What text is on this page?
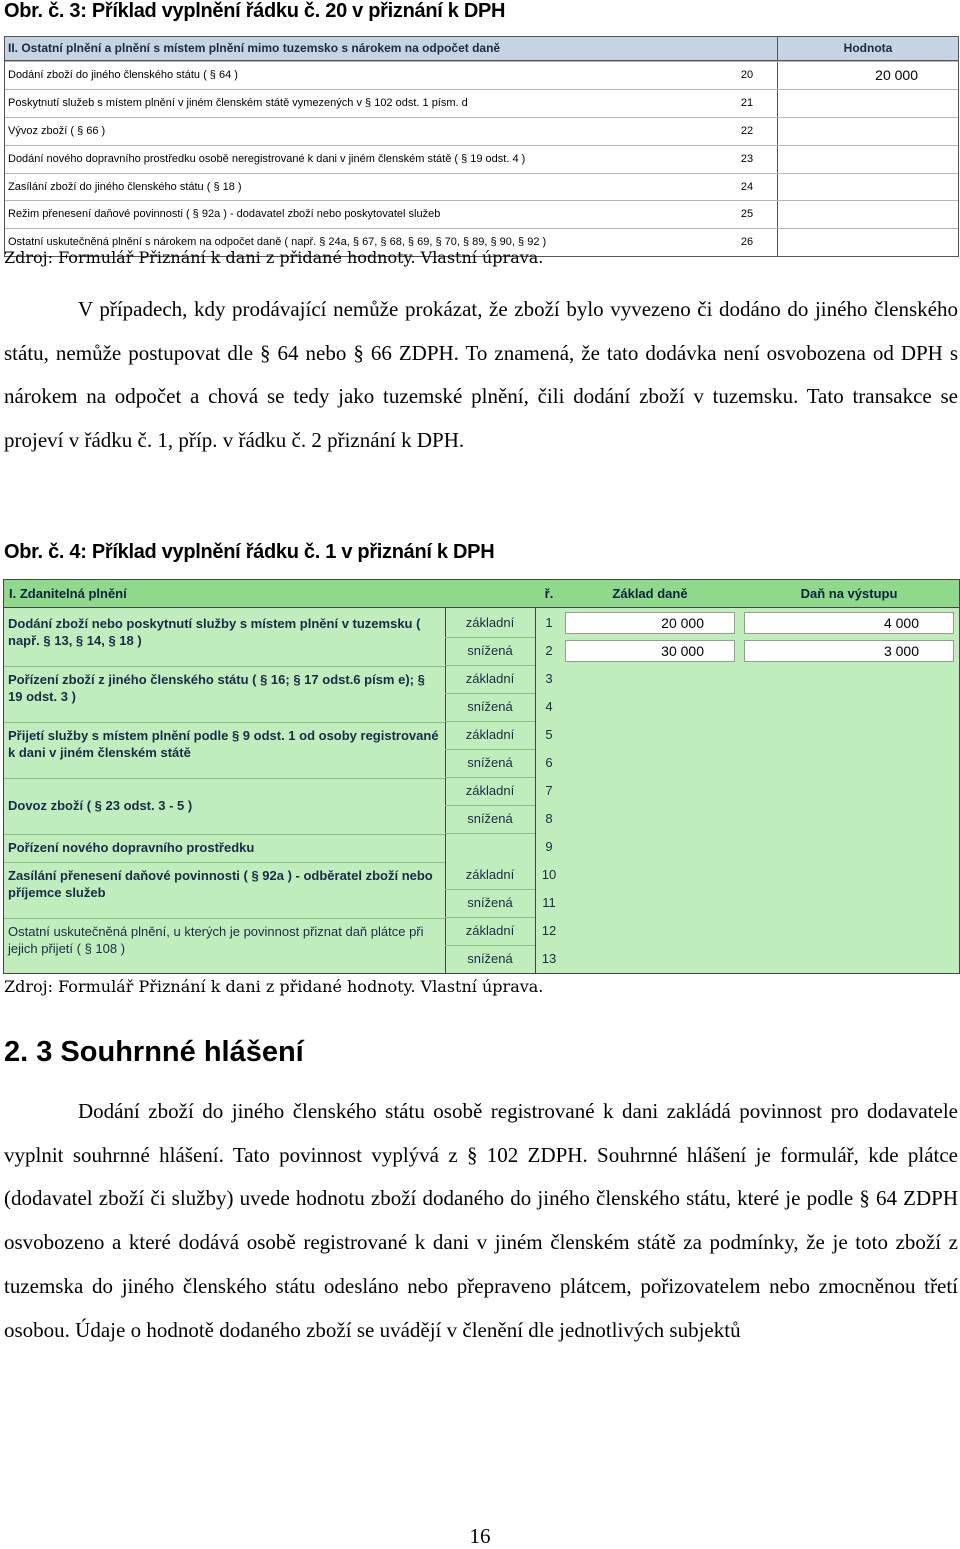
Obr. č. 3: Příklad vyplnění řádku č. 20 v přiznání k DPH
II. Ostatní plnění a plnění s místem plnění mimo tuzemsko s nárokem na odpočet daně	Hodnota
Dodání zboží do jiného členského státu ( § 64 )	20	20 000
Poskytnutí služeb s místem plnění v jiném členském státě vymezených v § 102 odst. 1 písm. d	21
Vývoz zboží ( § 66 )	22
Dodání nového dopravního prostředku osobě neregistrované k dani v jiném členském státě ( § 19 odst. 4 )	23
Zasílání zboží do jiného členského státu ( § 18 )	24
Režim přenesení daňové povinnosti ( § 92a ) - dodavatel zboží nebo poskytovatel služeb	25
Ostatní uskutečněná plnění s nárokem na odpočet daně ( např. § 24a, § 67, § 68, § 69, § 70, § 89, § 90, § 92 )	26
Zdroj: Formulář Přiznání k dani z přidané hodnoty. Vlastní úprava.

V případech, kdy prodávající nemůže prokázat, že zboží bylo vyvezeno či dodáno do jiného členského státu, nemůže postupovat dle § 64 nebo § 66 ZDPH. To znamená, že tato dodávka není osvobozena od DPH s nárokem na odpočet a chová se tedy jako tuzemské plnění, čili dodání zboží v tuzemsku. Tato transakce se projeví v řádku č. 1, příp. v řádku č. 2 přiznání k DPH.

Obr. č. 4: Příklad vyplnění řádku č. 1 v přiznání k DPH
I. Zdanitelná plnění	ř.	Základ daně	Daň na výstupu
Dodání zboží nebo poskytnutí služby s místem plnění v tuzemsku ( např. § 13, § 14, § 18 )
základní	1	20 000	4 000
snížená	2	30 000	3 000
Pořízení zboží z jiného členského státu ( § 16; § 17 odst.6 písm e); § 19 odst. 3 )
základní	3
snížená	4
Přijetí služby s místem plnění podle § 9 odst. 1 od osoby registrované k dani v jiném členském státě
základní	5
snížená	6
Dovoz zboží ( § 23 odst. 3 - 5 )
základní	7
snížená	8
Pořízení nového dopravního prostředku	9
Zasílání přenesení daňové povinnosti ( § 92a ) - odběratel zboží nebo příjemce služeb
základní	10
snížená	11
Ostatní uskutečněná plnění, u kterých je povinnost přiznat daň plátce při jejich přijetí ( § 108 )
základní	12
snížená	13
Zdroj: Formulář Přiznání k dani z přidané hodnoty. Vlastní úprava.
2. 3 Souhrnné hlášení

Dodání zboží do jiného členského státu osobě registrované k dani zakládá povinnost pro dodavatele vyplnit souhrnné hlášení. Tato povinnost vyplývá z § 102 ZDPH. Souhrnné hlášení je formulář, kde plátce (dodavatel zboží či služby) uvede hodnotu zboží dodaného do jiného členského státu, které je podle § 64 ZDPH osvobozeno a které dodává osobě registrované k dani v jiném členském státě za podmínky, že je toto zboží z tuzemska do jiného členského státu odesláno nebo přepraveno plátcem, pořizovatelem nebo zmocněnou třetí osobou. Údaje o hodnotě dodaného zboží se uvádějí v členění dle jednotlivých subjektů

16
